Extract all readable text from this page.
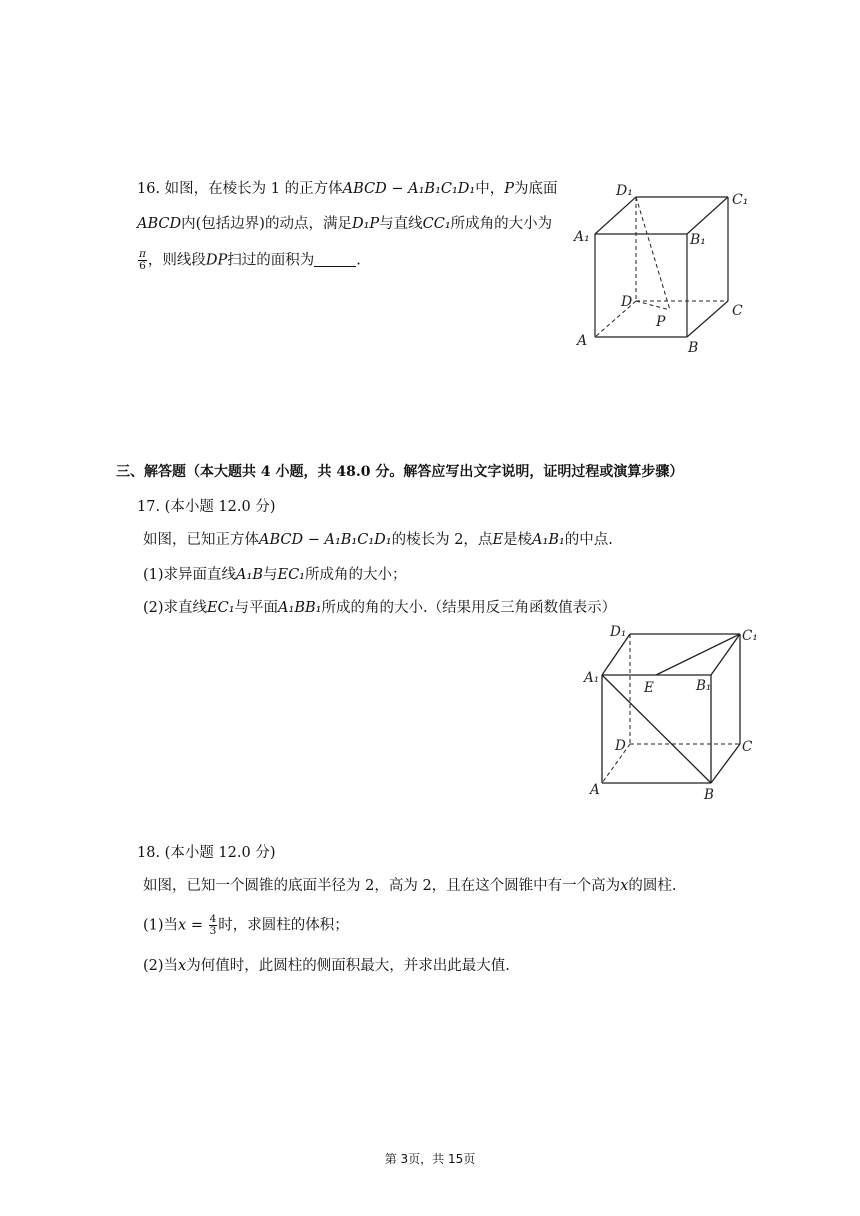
16. 如图，在棱长为 1 的正方体ABCD − A₁B₁C₁D₁中，P为底面
ABCD内(包括边界)的动点，满足D₁P与直线CC₁所成角的大小为
$\frac{\pi}{6}$ ，则线段DP扫过的面积为	.
D₁
C₁
A₁	B₁
D
P
C
A	B
三、解答题（本大题共 4 小题，共 48.0 分。解答应写出文字说明，证明过程或演算步骤）
17. (本小题 12.0 分)
如图，已知正方体ABCD − A₁B₁C₁D₁的棱长为 2，点E是棱A₁B₁的中点.
(1)求异面直线A₁B与EC₁所成角的大小；
(2)求直线EC₁与平面A₁BB₁所成的角的大小.（结果用反三角函数值表示）
D₁	C₁
A₁
E	B₁
D	C
A	B
18. (本小题 12.0 分)
如图，已知一个圆锥的底面半径为 2，高为 2，且在这个圆锥中有一个高为x的圆柱.
(1)当$x = \frac{4}{3}$ 时，求圆柱的体积；
(2)当x为何值时，此圆柱的侧面积最大，并求出此最大值.
第 3页，共 15页
